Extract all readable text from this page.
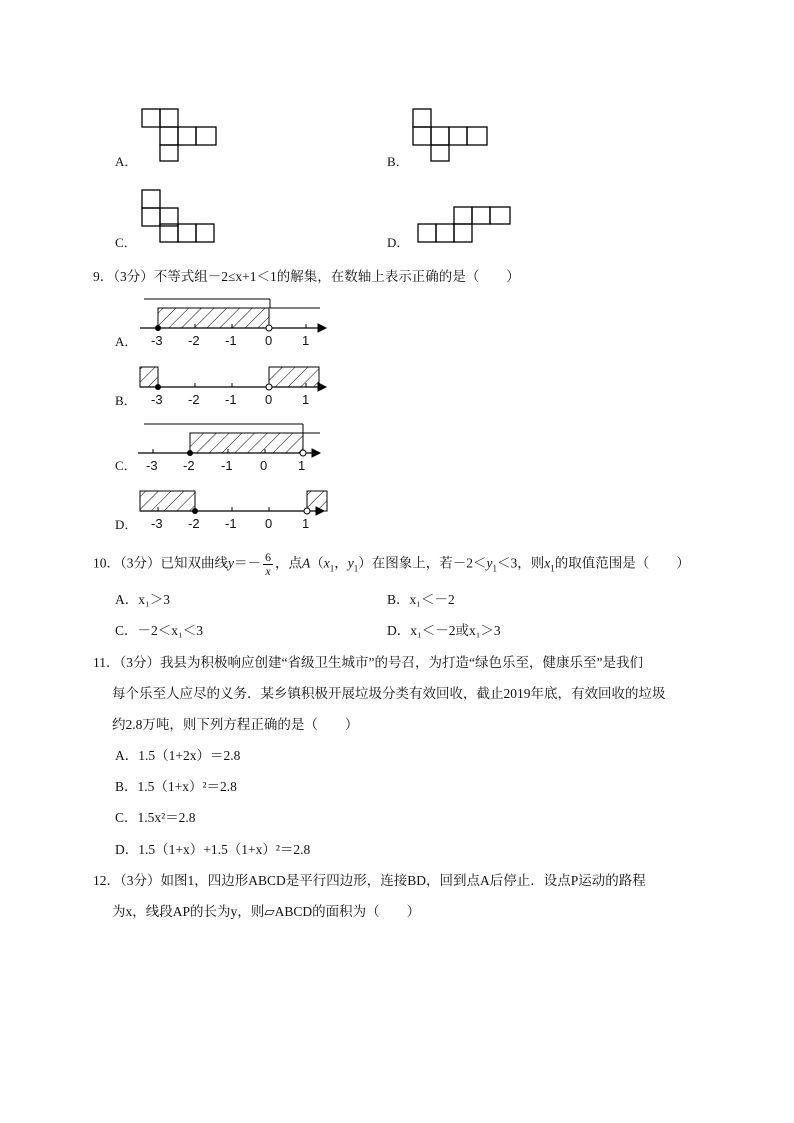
A．	B．
C．	D．
9．（3分）不等式组－2≤x+1＜1的解集，在数轴上表示正确的是（　　）
A． -3 -2 -1 0 1
B． -3 -2 -1 0 1
C． -3 -2 -1 0 1
D． -3 -2 -1 0 1
10．（3分）已知双曲线$y=- \frac{6}{x}$ ，点$A(x_1$，$y_1$）在图象上，若$-2<y_1<3$，则$x_1$的取值范围是（　　）
A．x₁＞3	B．x₁＜－2
C．－2＜x₁＜3	D．x₁＜－2或x₁＞3
11．（3分）我县为积极响应创建“省级卫生城市”的号召，为打造“绿色乐至，健康乐至”是我们
每个乐至人应尽的义务．某乡镇积极开展垃圾分类有效回收，截止2019年底，有效回收的垃圾
约2.8万吨，则下列方程正确的是（　　）
A．1.5（1+2x）＝2.8
B．1.5（1+x）²＝2.8
C．1.5x²＝2.8
D．1.5（1+x）+1.5（1+x）²＝2.8
12．（3分）如图1，四边形ABCD是平行四边形，连接BD，回到点A后停止．设点P运动的路程
为x，线段AP的长为y，则▱ABCD的面积为（　　）
